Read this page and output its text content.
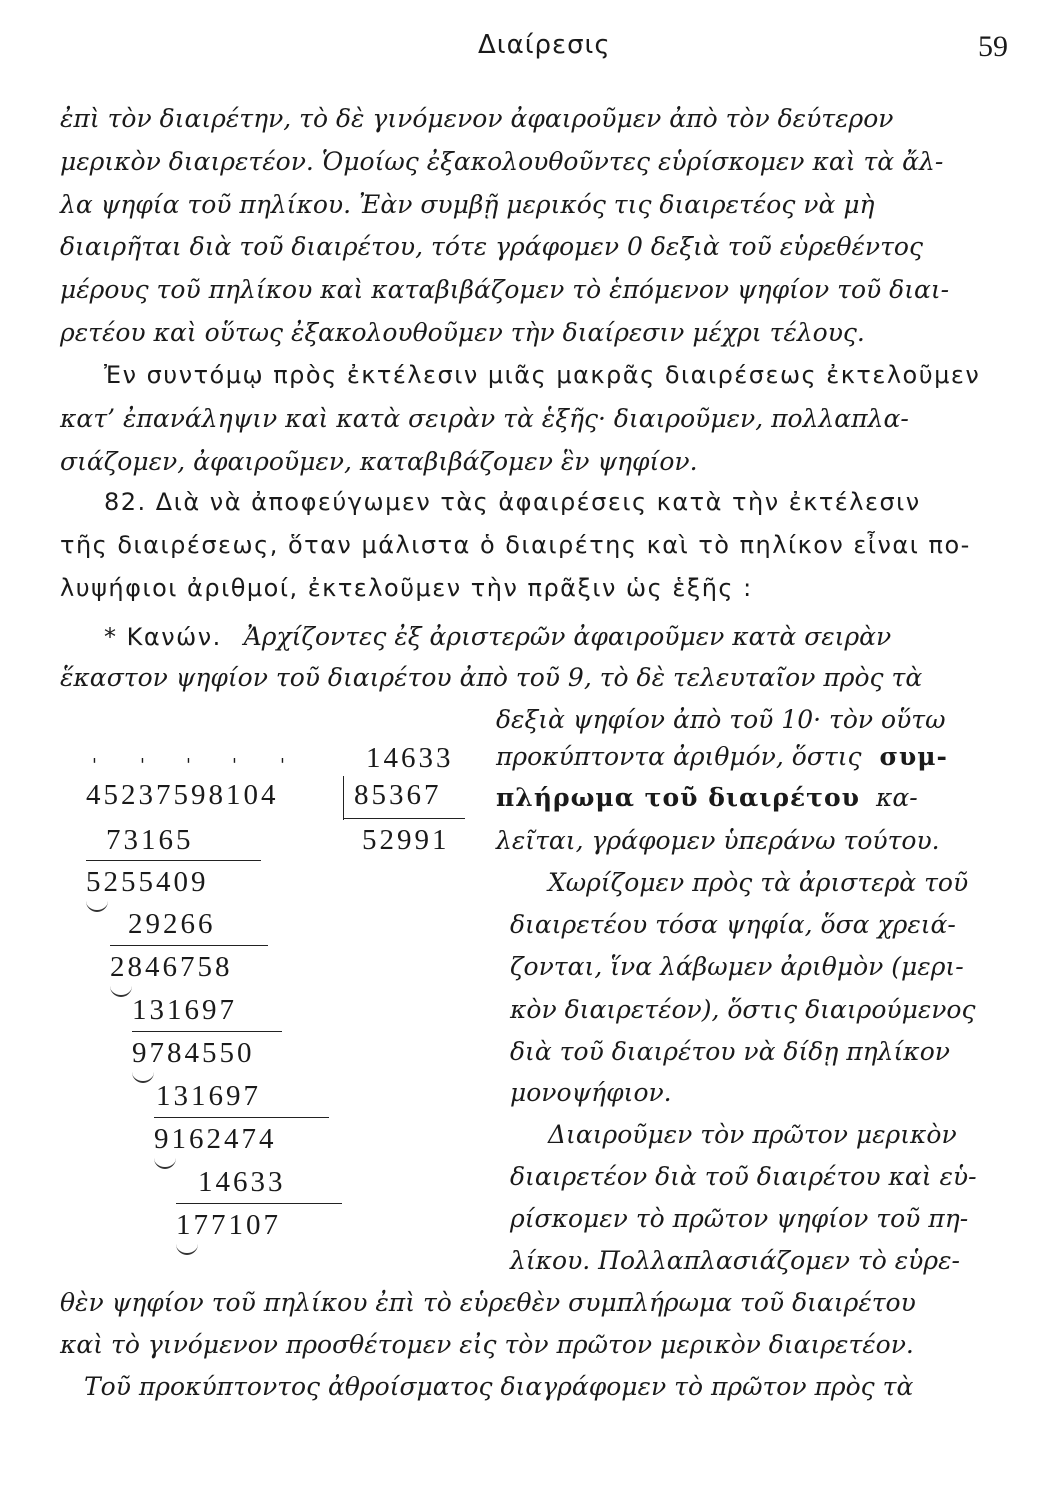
Διαίρεσις	59
ἐπὶ τὸν διαιρέτην, τὸ δὲ γινόμενον ἀφαιροῦμεν ἀπὸ τὸν δεύτερον
μερικὸν διαιρετέον. Ὁμοίως ἐξακολουθοῦντες εὑρίσκομεν καὶ τὰ ἄλ-
λα ψηφία τοῦ πηλίκου. Ἐὰν συμβῇ μερικός τις διαιρετέος νὰ μὴ
διαιρῆται διὰ τοῦ διαιρέτου, τότε γράφομεν 0 δεξιὰ τοῦ εὑρεθέντος
μέρους τοῦ πηλίκου καὶ καταβιβάζομεν τὸ ἑπόμενον ψηφίον τοῦ διαι-
ρετέου καὶ οὕτως ἐξακολουθοῦμεν τὴν διαίρεσιν μέχρι τέλους.
Ἐν συντόμῳ πρὸς ἐκτέλεσιν μιᾶς μακρᾶς διαιρέσεως ἐκτελοῦμεν
κατ’ ἐπανάληψιν καὶ κατὰ σειρὰν τὰ ἑξῆς· διαιροῦμεν, πολλαπλα-
σιάζομεν, ἀφαιροῦμεν, καταβιβάζομεν ἓν ψηφίον.
82. Διὰ νὰ ἀποφεύγωμεν τὰς ἀφαιρέσεις κατὰ τὴν ἐκτέλεσιν
τῆς διαιρέσεως, ὅταν μάλιστα ὁ διαιρέτης καὶ τὸ πηλίκον εἶναι πο-
λυψήφιοι ἀριθμοί, ἐκτελοῦμεν τὴν πρᾶξιν ὡς ἑξῆς :
* Κανών. Ἀρχίζοντες ἐξ ἀριστερῶν ἀφαιροῦμεν κατὰ σειρὰν
ἕκαστον ψηφίον τοῦ διαιρέτου ἀπὸ τοῦ 9, τὸ δὲ τελευταῖον πρὸς τὰ
δεξιὰ ψηφίον ἀπὸ τοῦ 10· τὸν οὕτω
προκύπτοντα ἀριθμόν, ὅστις συμ-
πλήρωμα τοῦ διαιρέτου κα-
λεῖται, γράφομεν ὑπεράνω τούτου.
Χωρίζομεν πρὸς τὰ ἀριστερὰ τοῦ
διαιρετέου τόσα ψηφία, ὅσα χρειά-
ζονται, ἵνα λάβωμεν ἀριθμὸν (μερι-
κὸν διαιρετέον), ὅστις διαιρούμενος
διὰ τοῦ διαιρέτου νὰ δίδῃ πηλίκον
μονοψήφιον.
Διαιροῦμεν τὸν πρῶτον μερικὸν
διαιρετέον διὰ τοῦ διαιρέτου καὶ εὑ-
ρίσκομεν τὸ πρῶτον ψηφίον τοῦ πη-
λίκου. Πολλαπλασιάζομεν τὸ εὑρε-
14633
' ' ' ' '
45237598104	85367
52991
73165
5255409
29266
2846758
131697
9784550
131697
9162474
14633
177107
θὲν ψηφίον τοῦ πηλίκου ἐπὶ τὸ εὑρεθὲν συμπλήρωμα τοῦ διαιρέτου
καὶ τὸ γινόμενον προσθέτομεν εἰς τὸν πρῶτον μερικὸν διαιρετέον.
Τοῦ προκύπτοντος ἀθροίσματος διαγράφομεν τὸ πρῶτον πρὸς τὰ
